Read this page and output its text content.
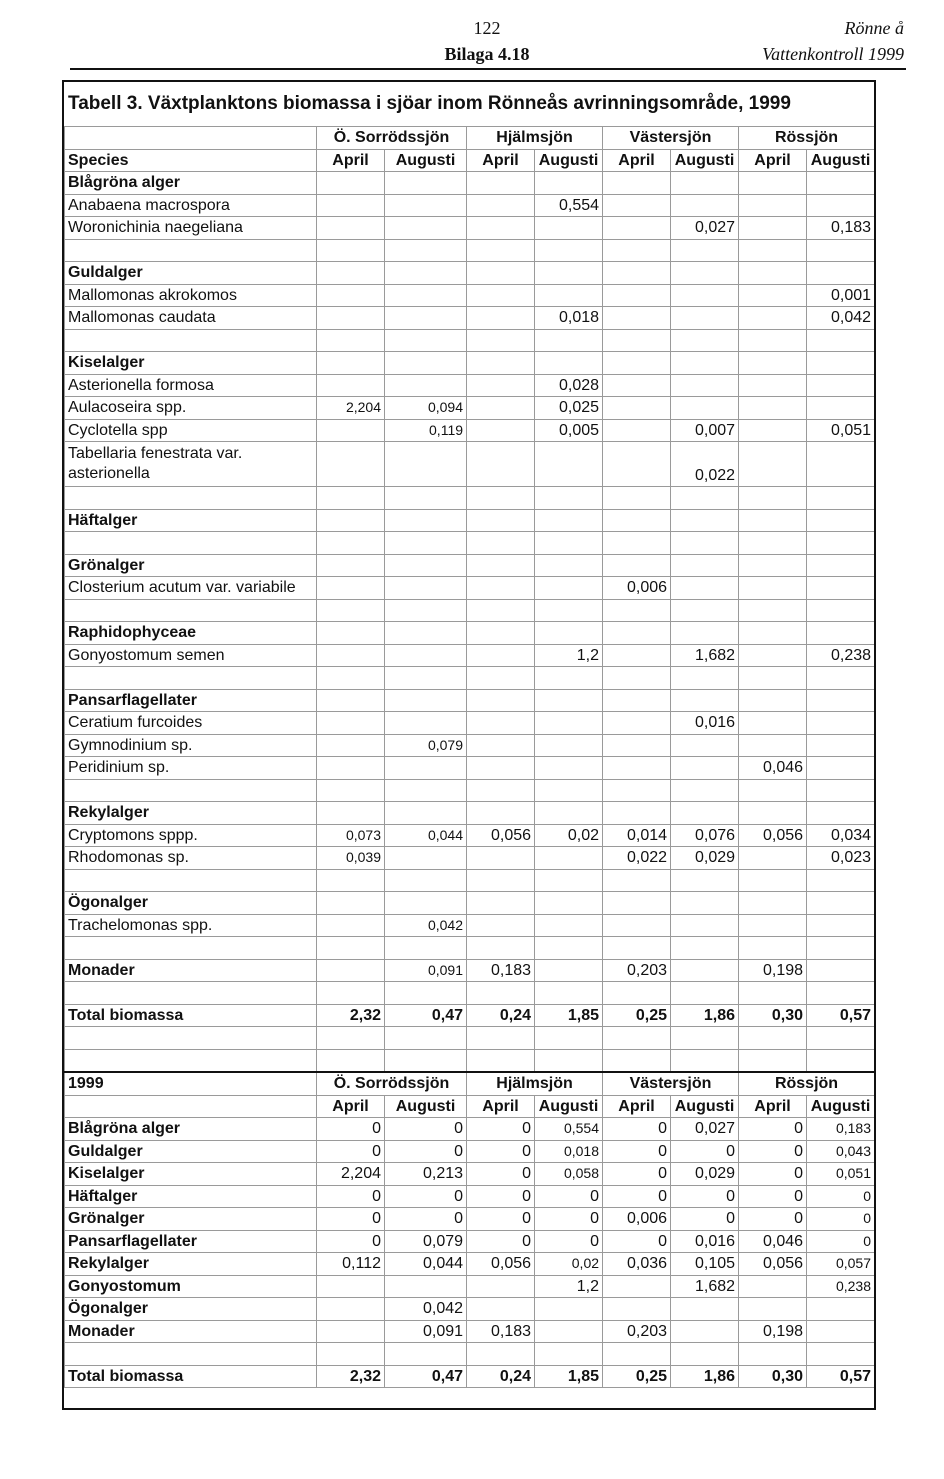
122
Bilaga 4.18
Rönne å
Vattenkontroll 1999
Tabell 3. Växtplanktons biomassa i sjöar inom Rönneås avrinningsområde, 1999
	Ö. Sorrödssjön		Hjälmsjön		Västersjön		Rössjön	
Species	April	Augusti	April	Augusti	April	Augusti	April	Augusti
Blågröna alger								
Anabaena macrospora				0,554				
Woronichinia naegeliana						0,027		0,183

Guldalger								
Mallomonas akrokomos								0,001
Mallomonas caudata				0,018				0,042

Kiselalger								
Asterionella formosa				0,028				
Aulacoseira spp.	2,204	0,094		0,025				
Cyclotella spp		0,119		0,005		0,007		0,051

Tabellaria fenestrata var.
asterionella						0,022		

Häftalger								

Grönalger								
Closterium acutum var. variabile					0,006			

Raphidophyceae								
Gonyostomum semen				1,2		1,682		0,238

Pansarflagellater								
Ceratium furcoides						0,016		
Gymnodinium sp.		0,079						
Peridinium sp.							0,046	

Rekylalger								
Cryptomons sppp.	0,073	0,044	0,056	0,02	0,014	0,076	0,056	0,034
Rhodomonas sp.	0,039				0,022	0,029		0,023

Ögonalger								
Trachelomonas spp.		0,042						

Monader		0,091	0,183		0,203		0,198	

Total biomassa	2,32	0,47	0,24	1,85	0,25	1,86	0,30	0,57

1999	Ö. Sorrödssjön		Hjälmsjön		Västersjön		Rössjön	
	April	Augusti	April	Augusti	April	Augusti	April	Augusti
Blågröna alger	0	0	0	0,554	0	0,027	0	0,183
Guldalger	0	0	0	0,018	0	0	0	0,043
Kiselalger	2,204	0,213	0	0,058	0	0,029	0	0,051
Häftalger	0	0	0	0	0	0	0	0
Grönalger	0	0	0	0	0,006	0	0	0
Pansarflagellater	0	0,079	0	0	0	0,016	0,046	0
Rekylalger	0,112	0,044	0,056	0,02	0,036	0,105	0,056	0,057
Gonyostomum				1,2		1,682		0,238
Ögonalger		0,042						
Monader		0,091	0,183		0,203		0,198	

Total biomassa	2,32	0,47	0,24	1,85	0,25	1,86	0,30	0,57
